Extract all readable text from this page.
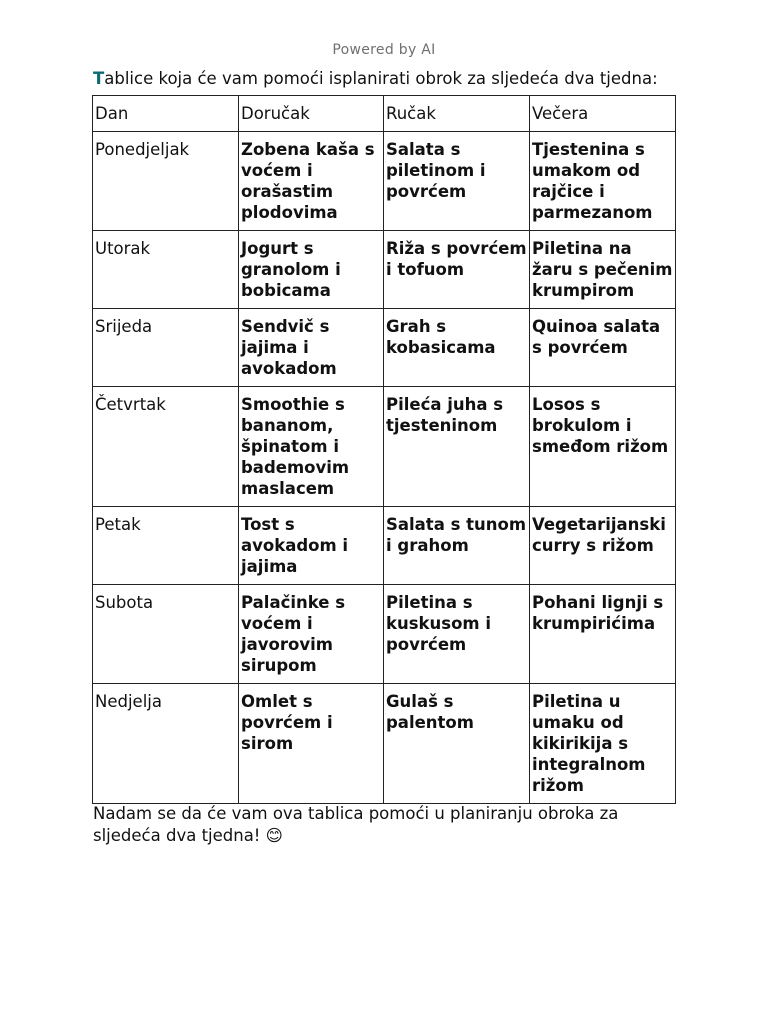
Powered by AI
Tablice koja će vam pomoći isplanirati obrok za sljedeća dva tjedna:
Dan	Doručak	Ručak	Večera
Ponedjeljak	Zobena kaša s voćem i orašastim plodovima	Salata s piletinom i povrćem	Tjestenina s umakom od rajčice i parmezanom
Utorak	Jogurt s granolom i bobicama	Riža s povrćem i tofuom	Piletina na žaru s pečenim krumpirom
Srijeda	Sendvič s jajima i avokadom	Grah s kobasicama	Quinoa salata s povrćem
Četvrtak	Smoothie s bananom, špinatom i bademovim maslacem	Pileća juha s tjesteninom	Losos s brokulom i smeđom rižom
Petak	Tost s avokadom i jajima	Salata s tunom i grahom	Vegetarijanski curry s rižom
Subota	Palačinke s voćem i javorovim sirupom	Piletina s kuskusom i povrćem	Pohani lignji s krumpirićima
Nedjelja	Omlet s povrćem i sirom	Gulaš s palentom	Piletina u umaku od kikirikija s integralnom rižom
Nadam se da će vam ova tablica pomoći u planiranju obroka za sljedeća dva tjedna! 😊
